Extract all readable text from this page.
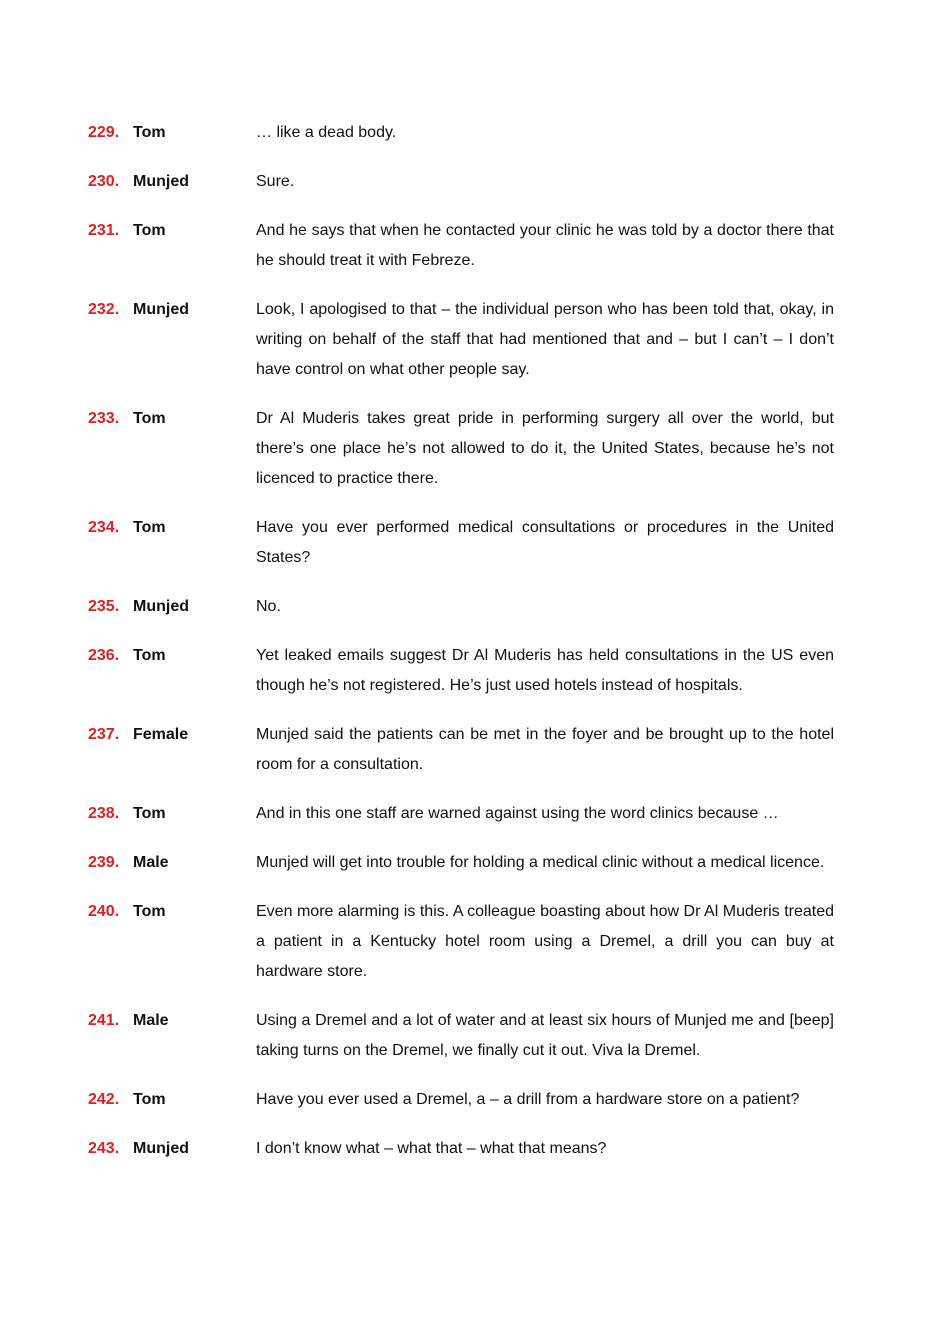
229. Tom	… like a dead body.
230. Munjed	Sure.
231. Tom	And he says that when he contacted your clinic he was told by a doctor there that he should treat it with Febreze.
232. Munjed	Look, I apologised to that – the individual person who has been told that, okay, in writing on behalf of the staff that had mentioned that and – but I can’t – I don’t have control on what other people say.
233. Tom	Dr Al Muderis takes great pride in performing surgery all over the world, but there’s one place he’s not allowed to do it, the United States, because he’s not licenced to practice there.
234. Tom	Have you ever performed medical consultations or procedures in the United States?
235. Munjed	No.
236. Tom	Yet leaked emails suggest Dr Al Muderis has held consultations in the US even though he’s not registered. He’s just used hotels instead of hospitals.
237. Female	Munjed said the patients can be met in the foyer and be brought up to the hotel room for a consultation.
238. Tom	And in this one staff are warned against using the word clinics because …
239. Male	Munjed will get into trouble for holding a medical clinic without a medical licence.
240. Tom	Even more alarming is this. A colleague boasting about how Dr Al Muderis treated a patient in a Kentucky hotel room using a Dremel, a drill you can buy at hardware store.
241. Male	Using a Dremel and a lot of water and at least six hours of Munjed me and [beep] taking turns on the Dremel, we finally cut it out. Viva la Dremel.
242. Tom	Have you ever used a Dremel, a – a drill from a hardware store on a patient?
243. Munjed	I don’t know what – what that – what that means?
